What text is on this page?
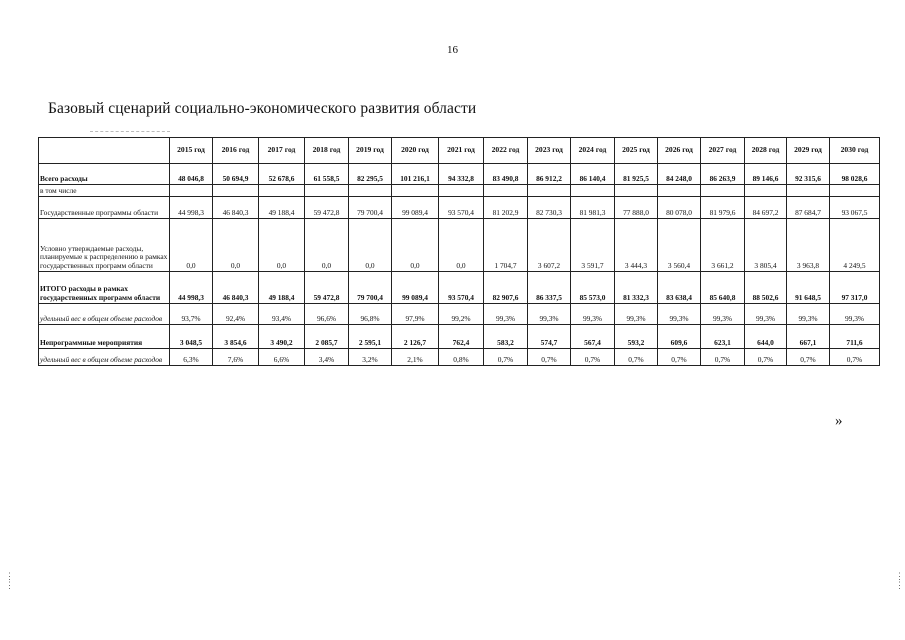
16
Базовый сценарий социально-экономического развития области
	2015 год	2016 год	2017 год	2018 год	2019 год	2020 год	2021 год	2022 год	2023 год	2024 год	2025 год	2026 год	2027 год	2028 год	2029 год	2030 год
Всего расходы	48 046,8	50 694,9	52 678,6	61 558,5	82 295,5	101 216,1	94 332,8	83 490,8	86 912,2	86 140,4	81 925,5	84 248,0	86 263,9	89 146,6	92 315,6	98 028,6
в том числе																
Государственные программы области	44 998,3	46 840,3	49 188,4	59 472,8	79 700,4	99 089,4	93 570,4	81 202,9	82 730,3	81 981,3	77 888,0	80 078,0	81 979,6	84 697,2	87 684,7	93 067,5
Условно утверждаемые расходы, планируемые к распределению в рамках государственных программ области	0,0	0,0	0,0	0,0	0,0	0,0	0,0	1 704,7	3 607,2	3 591,7	3 444,3	3 560,4	3 661,2	3 805,4	3 963,8	4 249,5
ИТОГО расходы в рамках государственных программ области	44 998,3	46 840,3	49 188,4	59 472,8	79 700,4	99 089,4	93 570,4	82 907,6	86 337,5	85 573,0	81 332,3	83 638,4	85 640,8	88 502,6	91 648,5	97 317,0
удельный вес в общем объеме расходов	93,7%	92,4%	93,4%	96,6%	96,8%	97,9%	99,2%	99,3%	99,3%	99,3%	99,3%	99,3%	99,3%	99,3%	99,3%	99,3%
Непрограммные мероприятия	3 048,5	3 854,6	3 490,2	2 085,7	2 595,1	2 126,7	762,4	583,2	574,7	567,4	593,2	609,6	623,1	644,0	667,1	711,6
удельный вес в общем объеме расходов	6,3%	7,6%	6,6%	3,4%	3,2%	2,1%	0,8%	0,7%	0,7%	0,7%	0,7%	0,7%	0,7%	0,7%	0,7%	0,7%
»
⋮
⋮
⋮
⋮
